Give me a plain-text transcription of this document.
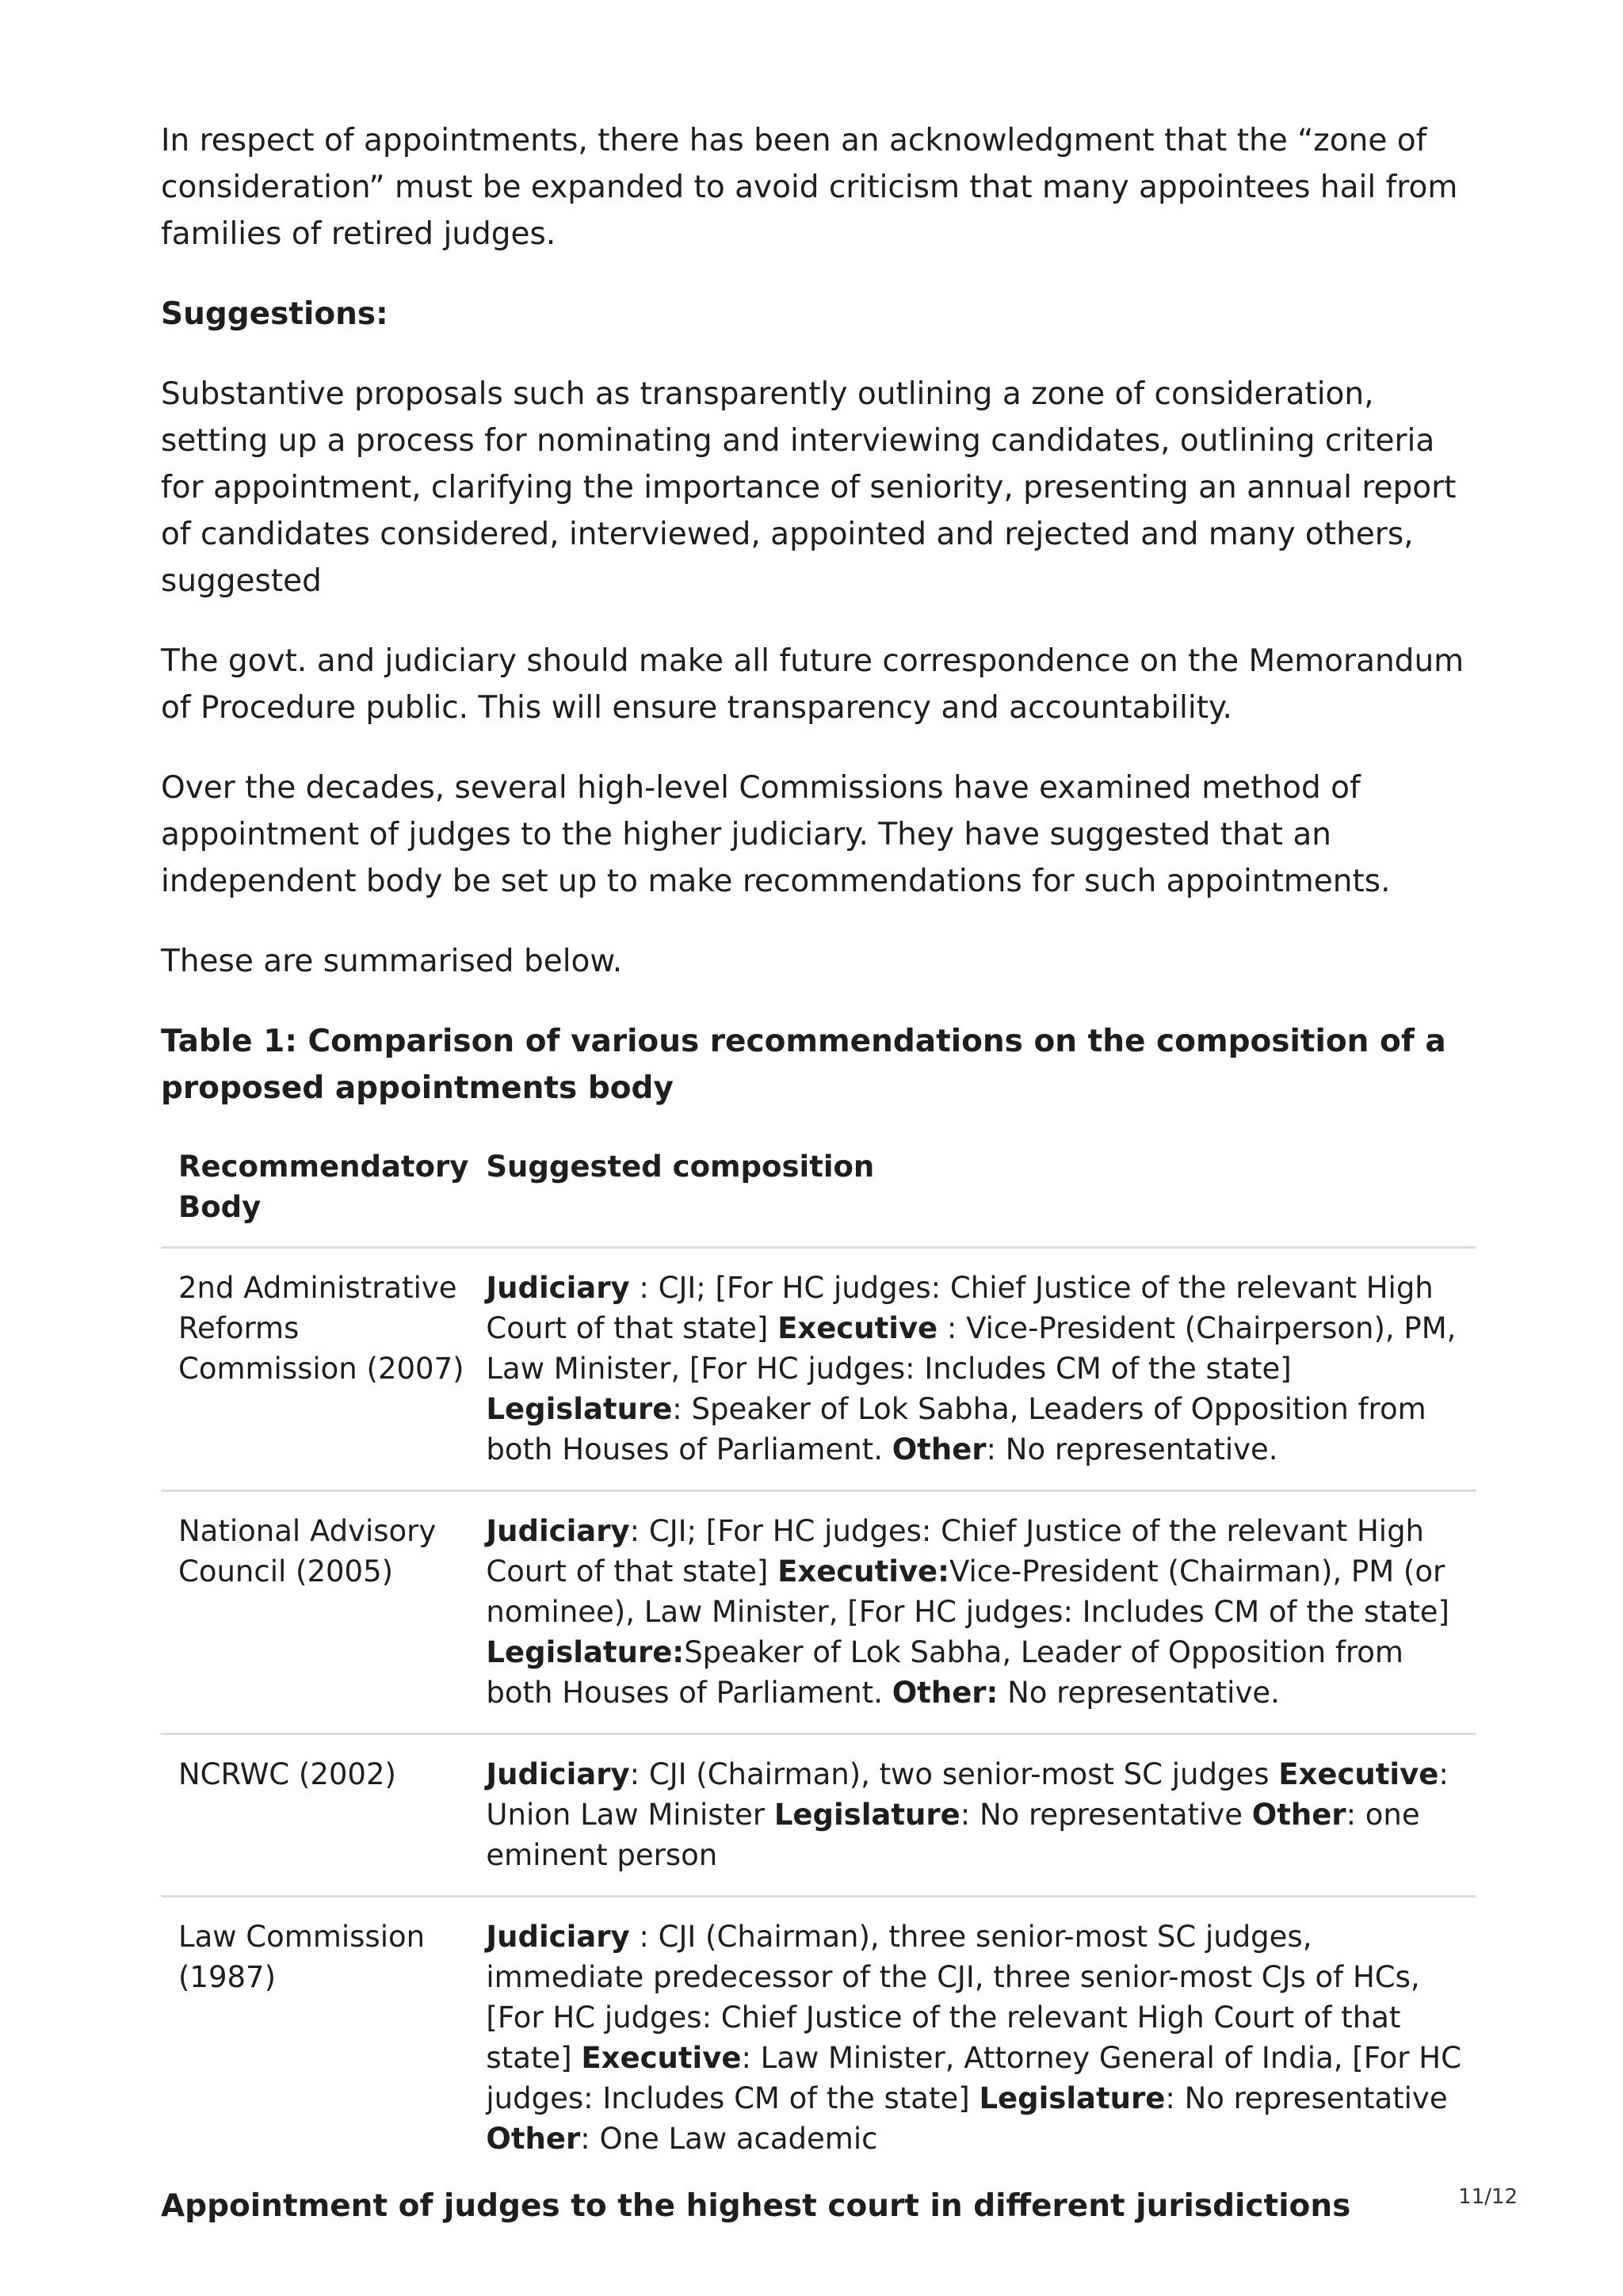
In respect of appointments, there has been an acknowledgment that the “zone of consideration” must be expanded to avoid criticism that many appointees hail from families of retired judges.

Suggestions:

Substantive proposals such as transparently outlining a zone of consideration, setting up a process for nominating and interviewing candidates, outlining criteria for appointment, clarifying the importance of seniority, presenting an annual report of candidates considered, interviewed, appointed and rejected and many others, suggested

The govt. and judiciary should make all future correspondence on the Memorandum of Procedure public. This will ensure transparency and accountability.

Over the decades, several high-level Commissions have examined method of appointment of judges to the higher judiciary. They have suggested that an independent body be set up to make recommendations for such appointments.

These are summarised below.

Table 1: Comparison of various recommendations on the composition of a proposed appointments body
Recommendatory Body	Suggested composition
2nd Administrative Reforms Commission (2007)	Judiciary : CJI; [For HC judges: Chief Justice of the relevant High Court of that state] Executive : Vice-President (Chairperson), PM, Law Minister, [For HC judges: Includes CM of the state] Legislature: Speaker of Lok Sabha, Leaders of Opposition from both Houses of Parliament. Other: No representative.
National Advisory Council (2005)	Judiciary: CJI; [For HC judges: Chief Justice of the relevant High Court of that state] Executive:Vice-President (Chairman), PM (or nominee), Law Minister, [For HC judges: Includes CM of the state] Legislature:Speaker of Lok Sabha, Leader of Opposition from both Houses of Parliament. Other: No representative.
NCRWC (2002)	Judiciary: CJI (Chairman), two senior-most SC judges Executive: Union Law Minister Legislature: No representative Other: one eminent person
Law Commission (1987)	Judiciary : CJI (Chairman), three senior-most SC judges, immediate predecessor of the CJI, three senior-most CJs of HCs, [For HC judges: Chief Justice of the relevant High Court of that state] Executive: Law Minister, Attorney General of India, [For HC judges: Includes CM of the state] Legislature: No representative Other: One Law academic
Appointment of judges to the highest court in different jurisdictions	11/12
